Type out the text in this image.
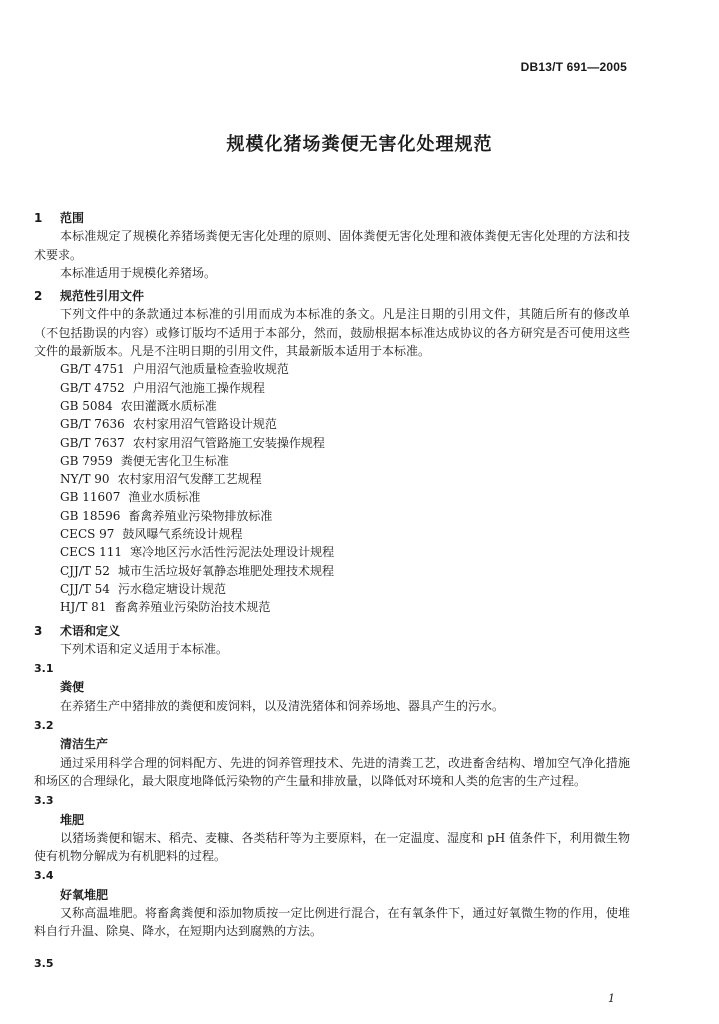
DB13/T 691—2005
规模化猪场粪便无害化处理规范
1 范围
本标准规定了规模化养猪场粪便无害化处理的原则、固体粪便无害化处理和液体粪便无害化处理的方法和技术要求。
本标准适用于规模化养猪场。
2 规范性引用文件
下列文件中的条款通过本标准的引用而成为本标准的条文。凡是注日期的引用文件，其随后所有的修改单（不包括勘误的内容）或修订版均不适用于本部分，然而，鼓励根据本标准达成协议的各方研究是否可使用这些文件的最新版本。凡是不注明日期的引用文件，其最新版本适用于本标准。
GB/T 4751 户用沼气池质量检查验收规范
GB/T 4752 户用沼气池施工操作规程
GB 5084 农田灌溉水质标准
GB/T 7636 农村家用沼气管路设计规范
GB/T 7637 农村家用沼气管路施工安装操作规程
GB 7959 粪便无害化卫生标准
NY/T 90 农村家用沼气发酵工艺规程
GB 11607 渔业水质标准
GB 18596 畜禽养殖业污染物排放标准
CECS 97 鼓风曝气系统设计规程
CECS 111 寒冷地区污水活性污泥法处理设计规程
CJJ/T 52 城市生活垃圾好氧静态堆肥处理技术规程
CJJ/T 54 污水稳定塘设计规范
HJ/T 81 畜禽养殖业污染防治技术规范
3 术语和定义
下列术语和定义适用于本标准。
3.1
粪便
在养猪生产中猪排放的粪便和废饲料，以及清洗猪体和饲养场地、器具产生的污水。
3.2
清洁生产
通过采用科学合理的饲料配方、先进的饲养管理技术、先进的清粪工艺，改进畜舍结构、增加空气净化措施和场区的合理绿化，最大限度地降低污染物的产生量和排放量，以降低对环境和人类的危害的生产过程。
3.3
堆肥
以猪场粪便和锯末、稻壳、麦糠、各类秸秆等为主要原料，在一定温度、湿度和 pH 值条件下，利用微生物使有机物分解成为有机肥料的过程。
3.4
好氧堆肥
又称高温堆肥。将畜禽粪便和添加物质按一定比例进行混合，在有氧条件下，通过好氧微生物的作用，使堆料自行升温、除臭、降水，在短期内达到腐熟的方法。
3.5
1
